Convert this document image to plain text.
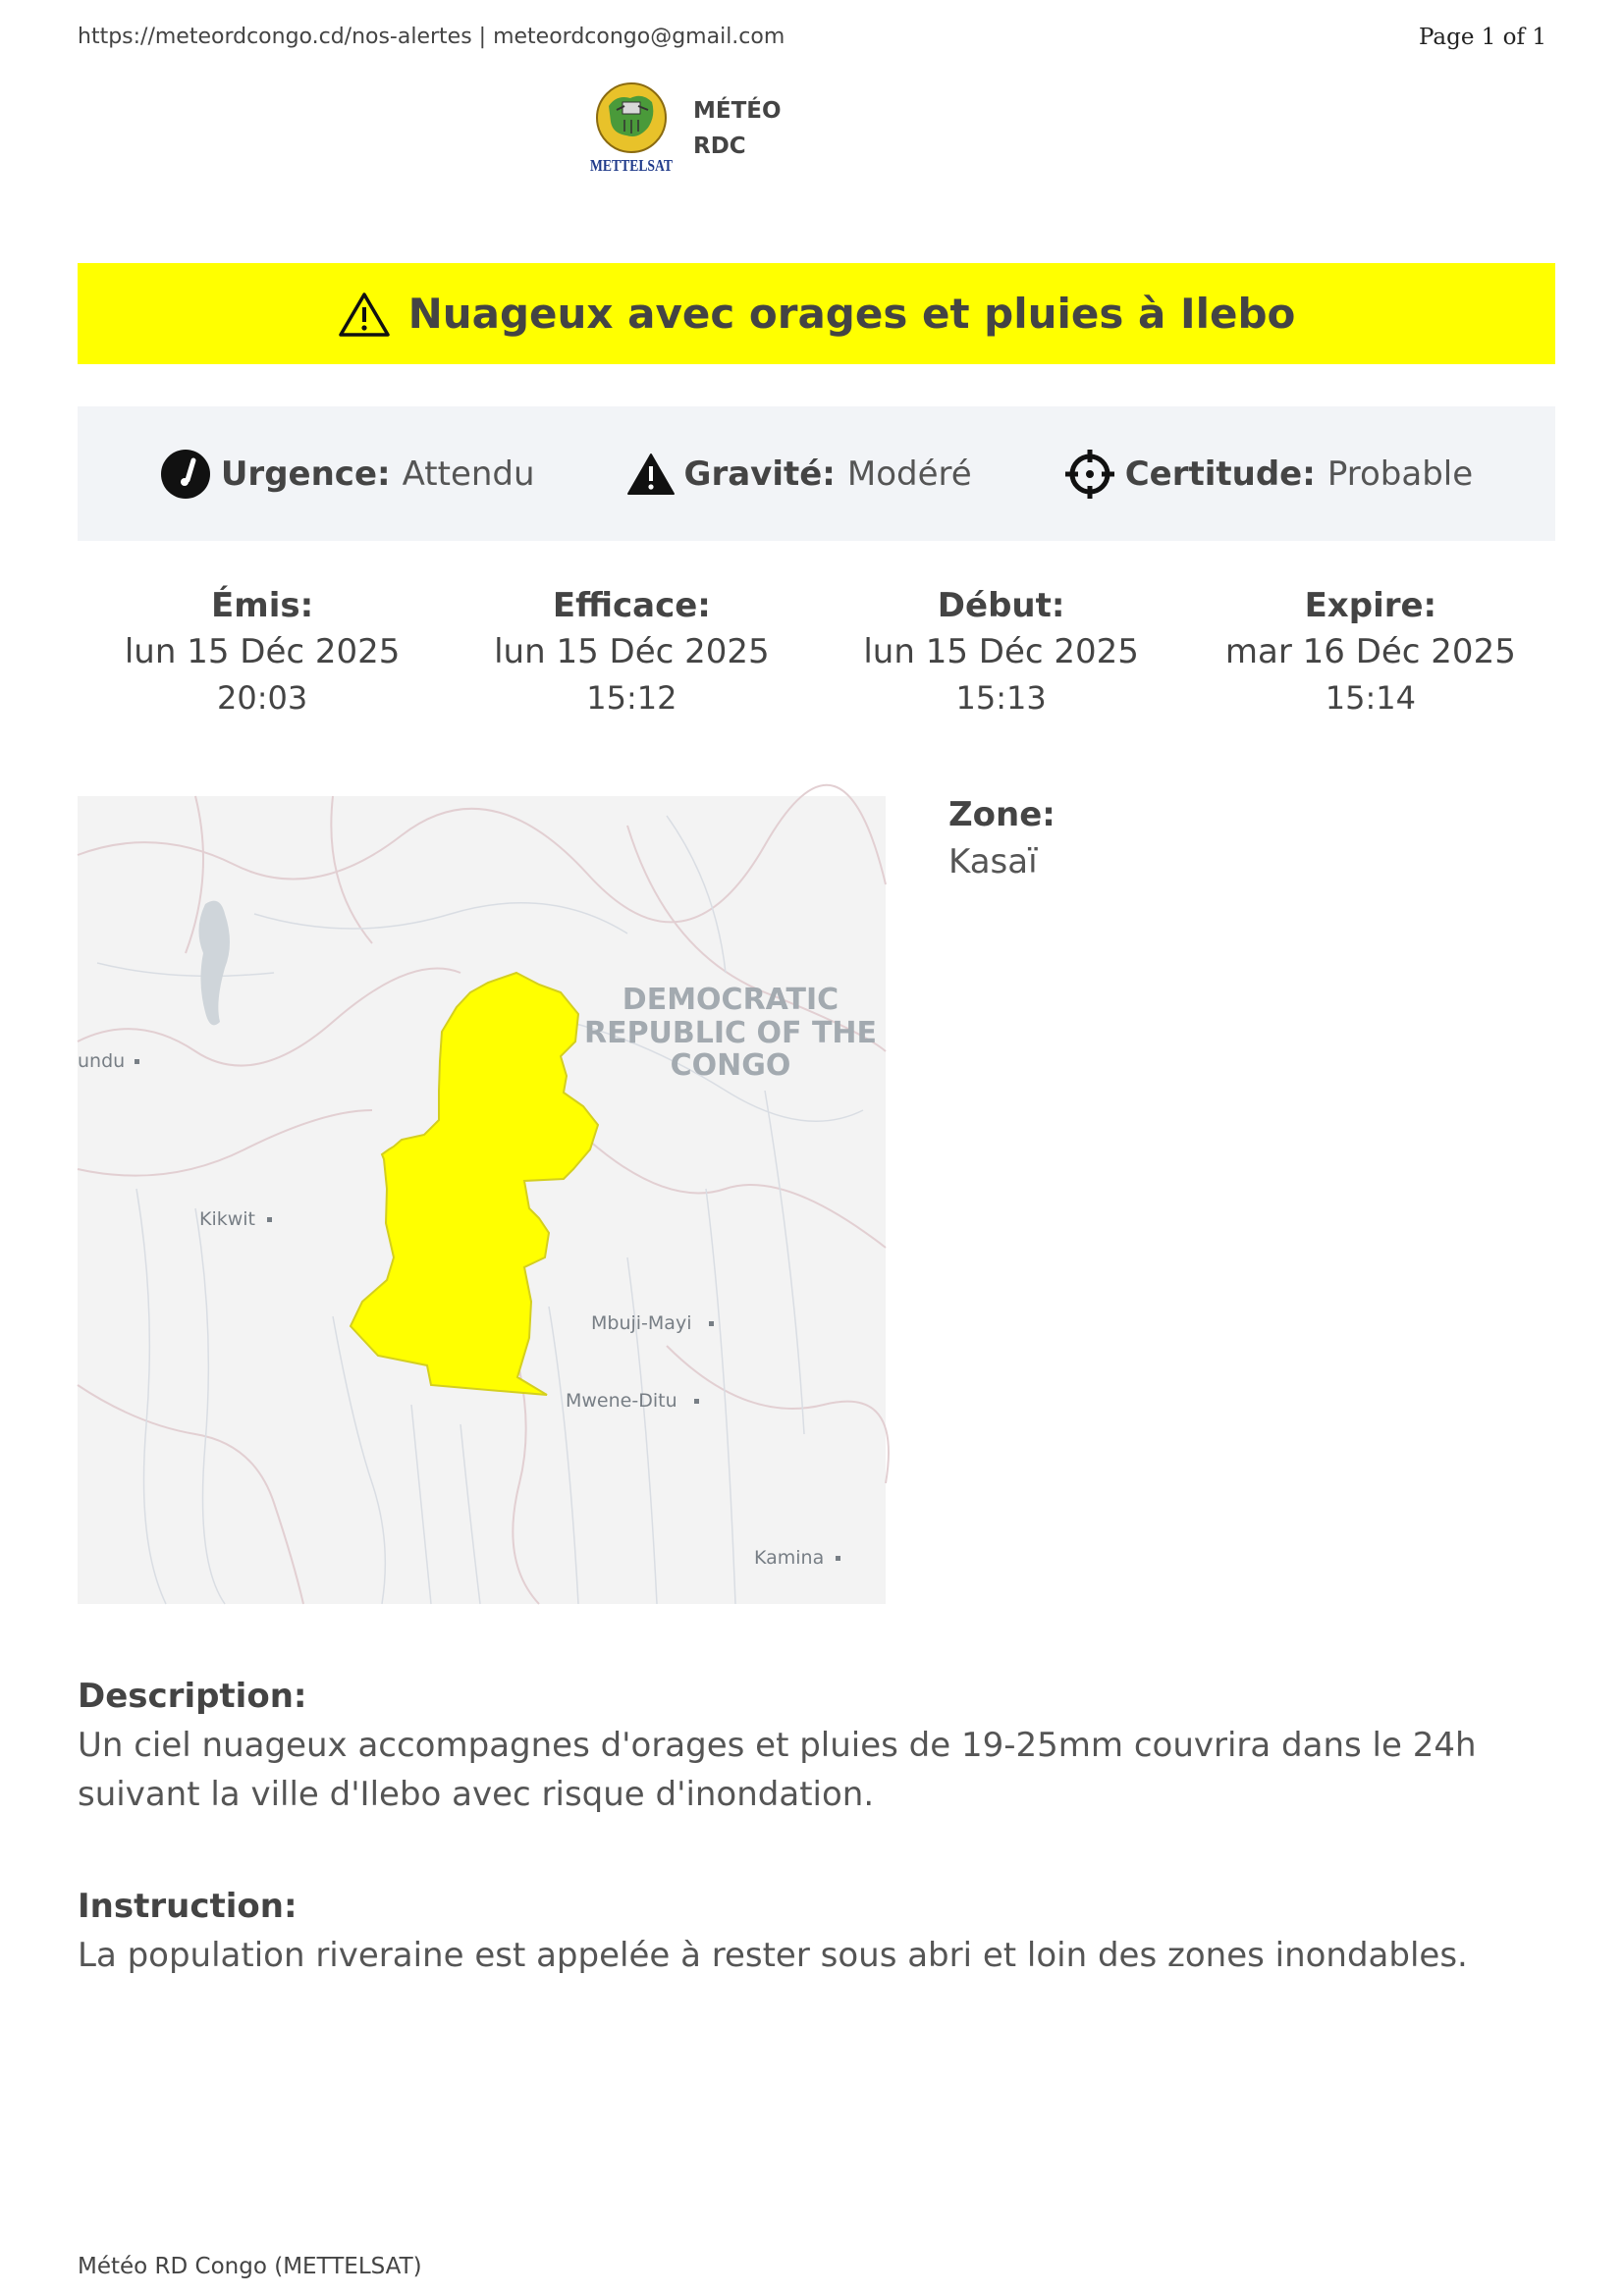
https://meteordcongo.cd/nos-alertes | meteordcongo@gmail.com	Page 1 of 1
METTELSAT
MÉTÉO
RDC
Nuageux avec orages et pluies à Ilebo
Urgence: Attendu	Gravité: Modéré	Certitude: Probable
Émis:
lun 15 Déc 2025
20:03
Efficace:
lun 15 Déc 2025
15:12
Début:
lun 15 Déc 2025
15:13
Expire:
mar 16 Déc 2025
15:14
DEMOCRATIC
REPUBLIC OF THE
CONGO
undu
Kikwit
Mbuji-Mayi
Mwene-Ditu
Kamina
Zone:
Kasaï
Description:
Un ciel nuageux accompagnes d'orages et pluies de 19-25mm couvrira dans le 24h suivant la ville d'Ilebo avec risque d'inondation.
Instruction:
La population riveraine est appelée à rester sous abri et loin des zones inondables.
Météo RD Congo (METTELSAT)
